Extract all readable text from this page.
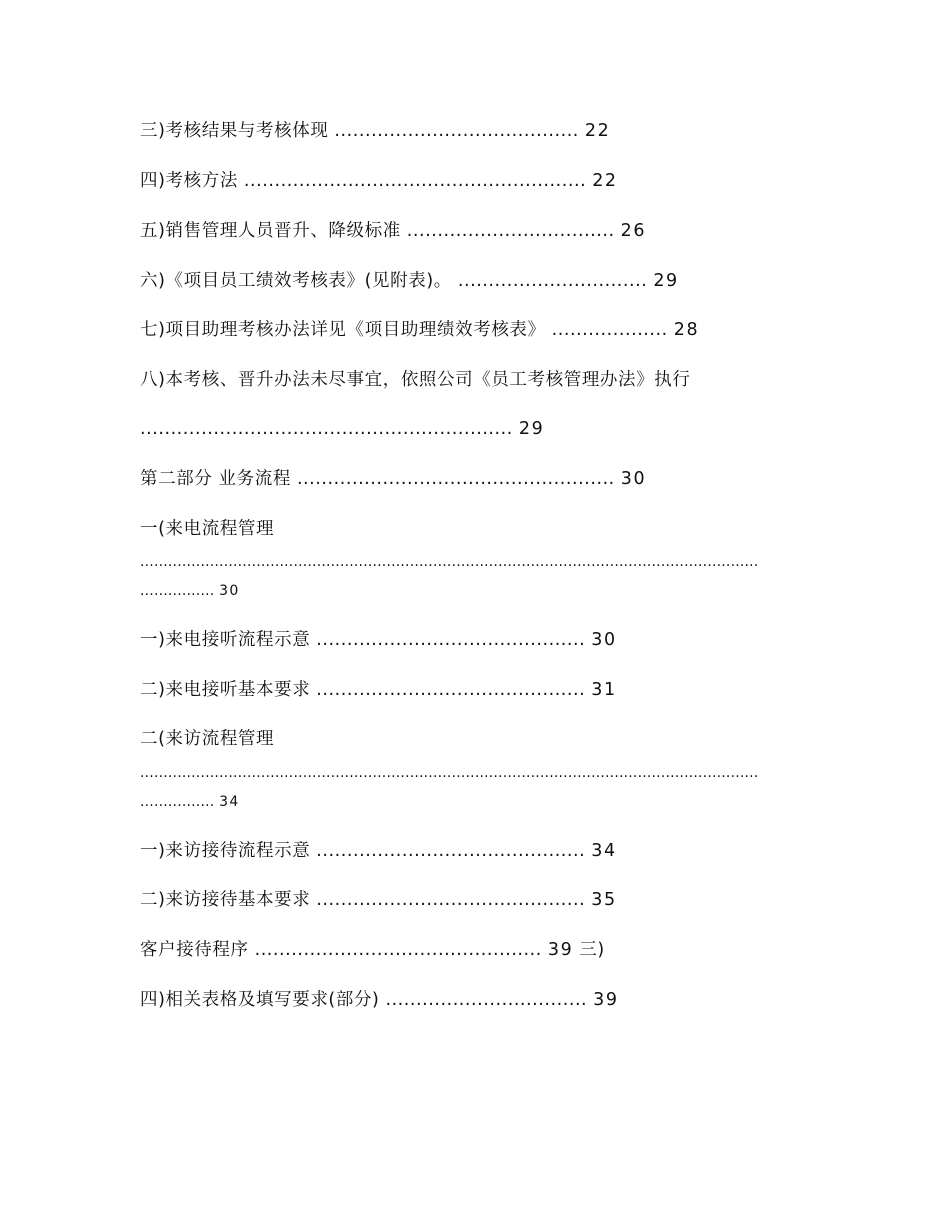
三)考核结果与考核体现 ........................................ 22
四)考核方法 ........................................................ 22
五)销售管理人员晋升、降级标准 .................................. 26
六)《项目员工绩效考核表》(见附表)。 ............................... 29
七)项目助理考核办法详见《项目助理绩效考核表》 ................... 28
八)本考核、晋升办法未尽事宜，依照公司《员工考核管理办法》执行
............................................................. 29
第二部分 业务流程 .................................................... 30
一(来电流程管理
.....................................................................................................................................
................ 30
一)来电接听流程示意 ............................................ 30
二)来电接听基本要求 ............................................ 31
二(来访流程管理
.....................................................................................................................................
................ 34
一)来访接待流程示意 ............................................ 34
二)来访接待基本要求 ............................................ 35
客户接待程序 ............................................... 39 三)
四)相关表格及填写要求(部分) ................................. 39
